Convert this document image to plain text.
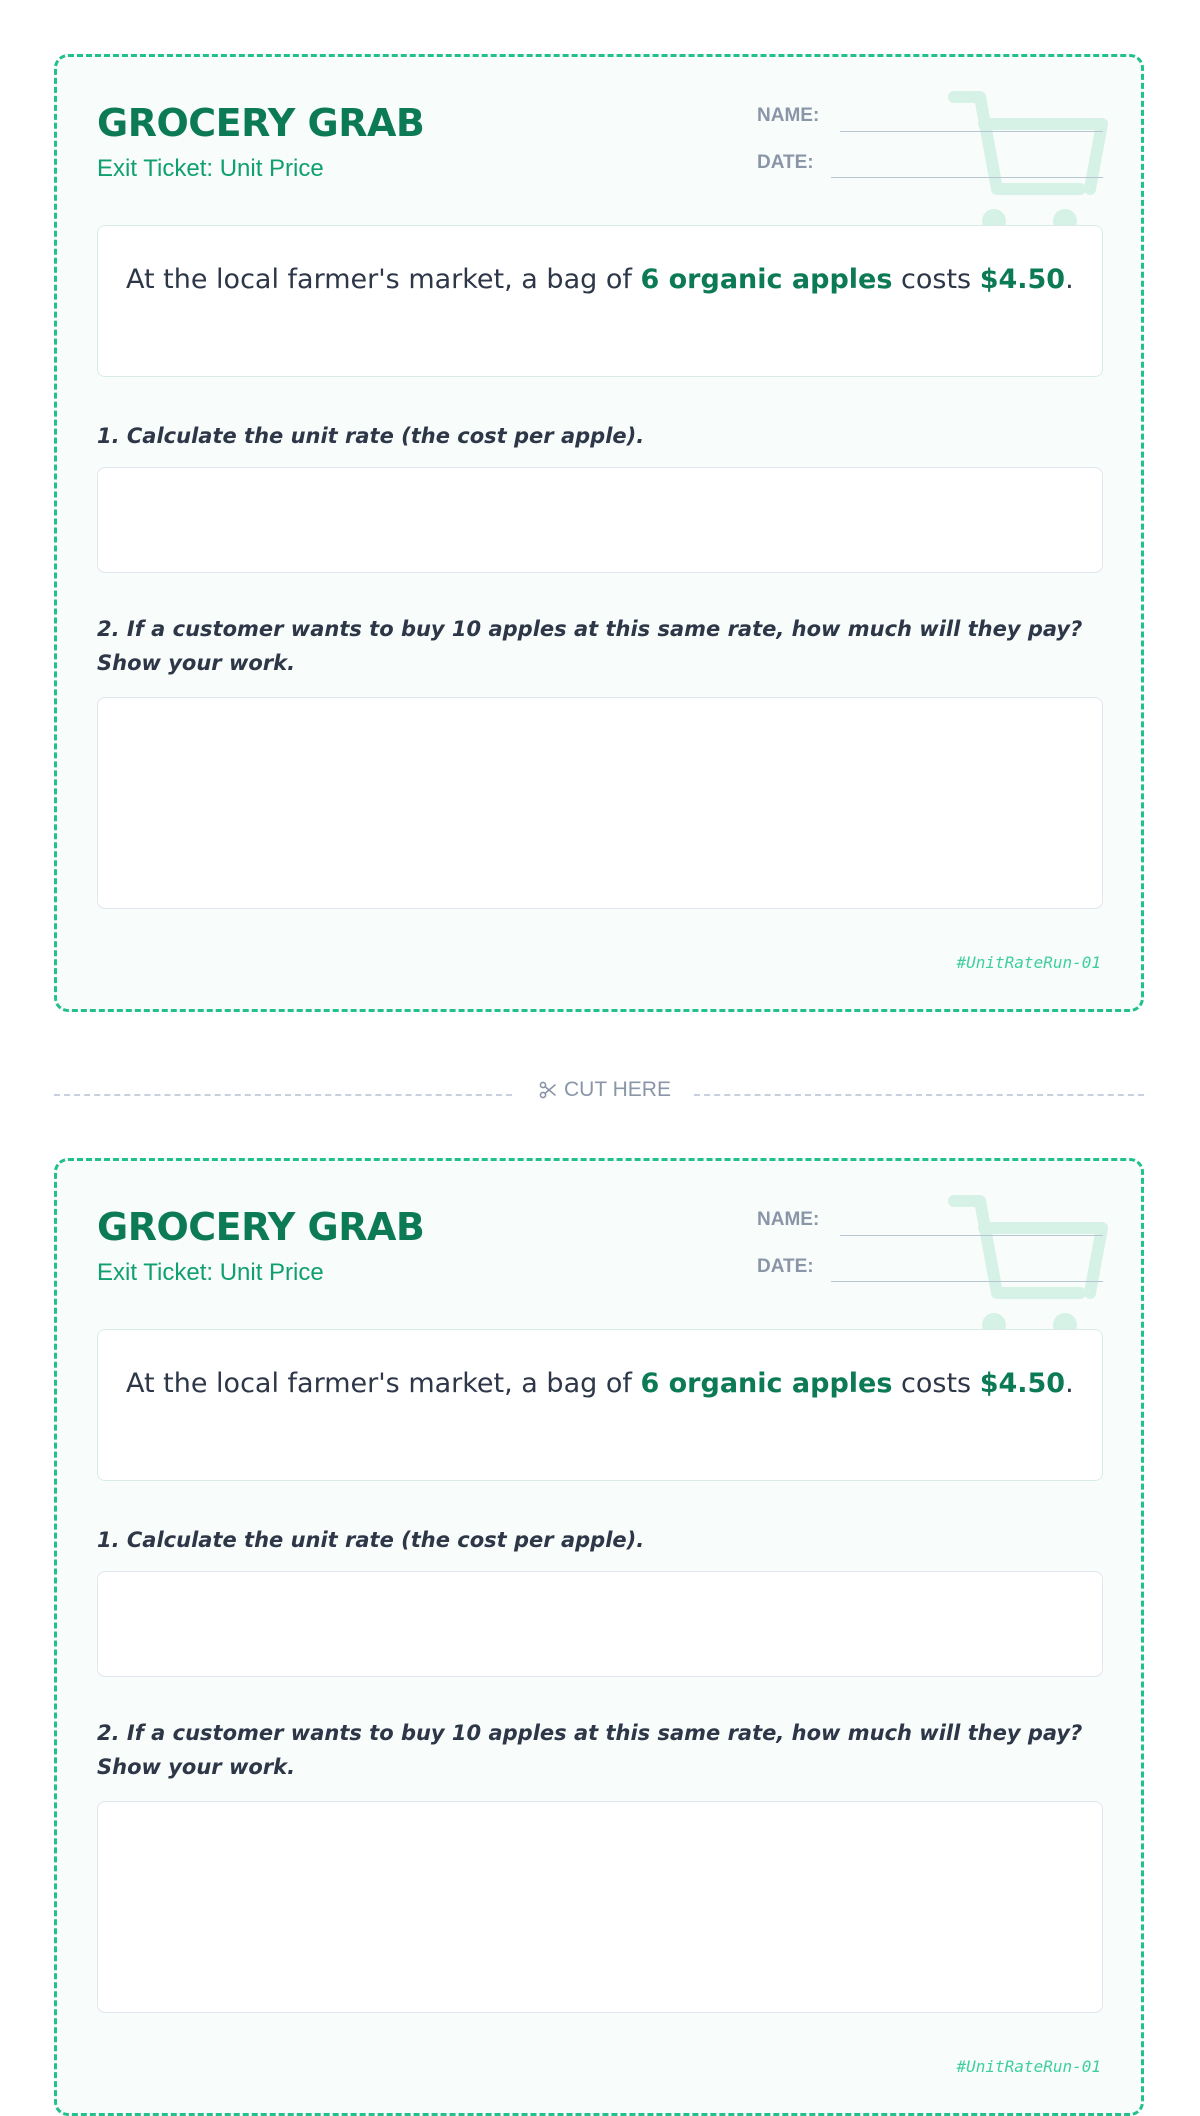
GROCERY GRAB
Exit Ticket: Unit Price
NAME:
DATE:
At the local farmer's market, a bag of 6 organic apples costs $4.50.
1. Calculate the unit rate (the cost per apple).
2. If a customer wants to buy 10 apples at this same rate, how much will they pay? Show your work.
#UnitRateRun-01
CUT HERE
GROCERY GRAB
Exit Ticket: Unit Price
NAME:
DATE:
At the local farmer's market, a bag of 6 organic apples costs $4.50.
1. Calculate the unit rate (the cost per apple).
2. If a customer wants to buy 10 apples at this same rate, how much will they pay? Show your work.
#UnitRateRun-01
